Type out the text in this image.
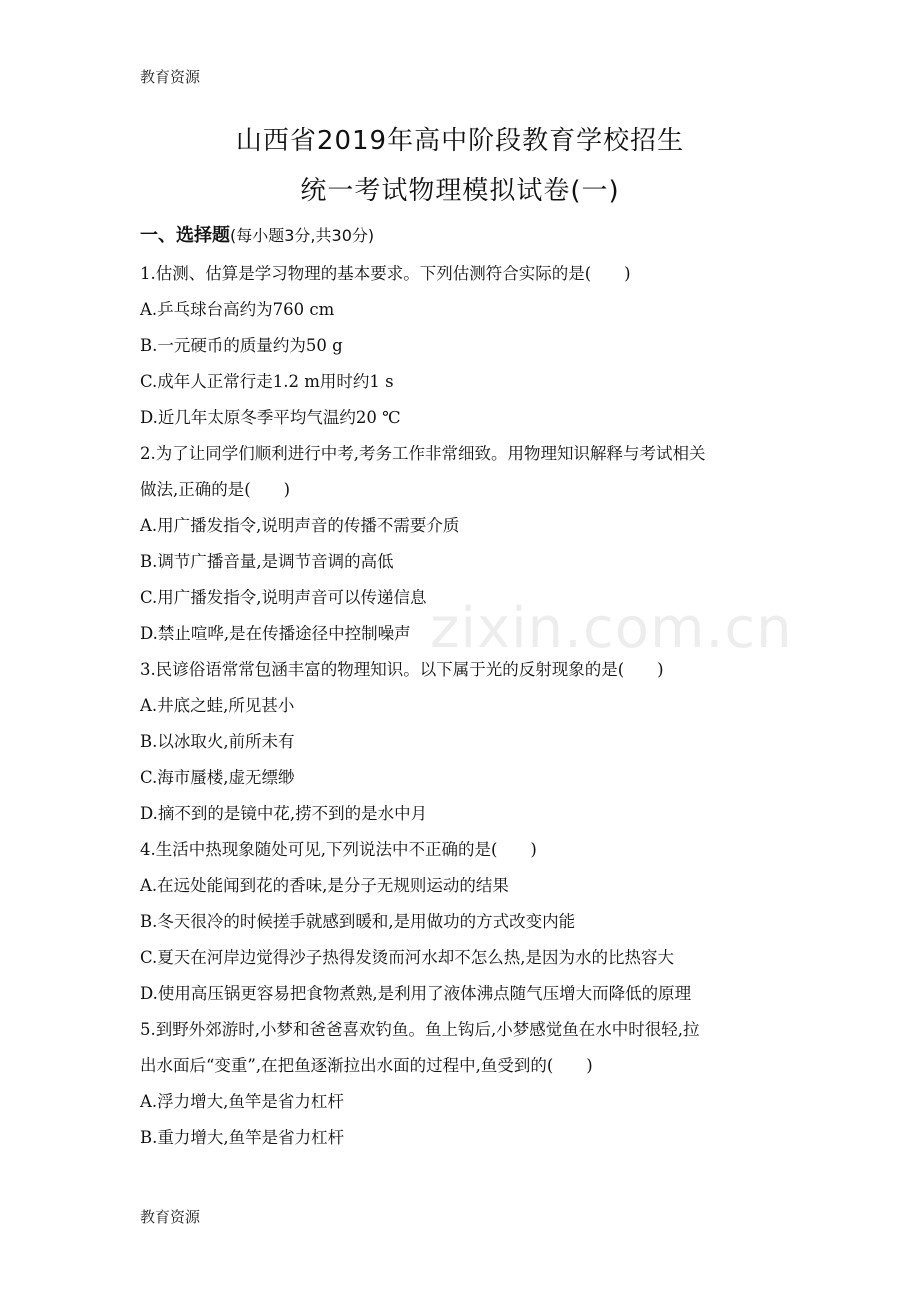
教育资源
山西省2019年高中阶段教育学校招生
统一考试物理模拟试卷(一)
一、选择题(每小题3分,共30分)
1.估测、估算是学习物理的基本要求。下列估测符合实际的是(　　)
A.乒乓球台高约为760 cm
B.一元硬币的质量约为50 g
C.成年人正常行走1.2 m用时约1 s
D.近几年太原冬季平均气温约20 ℃
2.为了让同学们顺利进行中考,考务工作非常细致。用物理知识解释与考试相关
做法,正确的是(　　)
A.用广播发指令,说明声音的传播不需要介质
B.调节广播音量,是调节音调的高低
C.用广播发指令,说明声音可以传递信息
D.禁止喧哗,是在传播途径中控制噪声
3.民谚俗语常常包涵丰富的物理知识。以下属于光的反射现象的是(　　)
A.井底之蛙,所见甚小
B.以冰取火,前所未有
C.海市蜃楼,虚无缥缈
D.摘不到的是镜中花,捞不到的是水中月
4.生活中热现象随处可见,下列说法中不正确的是(　　)
A.在远处能闻到花的香味,是分子无规则运动的结果
B.冬天很冷的时候搓手就感到暖和,是用做功的方式改变内能
C.夏天在河岸边觉得沙子热得发烫而河水却不怎么热,是因为水的比热容大
D.使用高压锅更容易把食物煮熟,是利用了液体沸点随气压增大而降低的原理
5.到野外郊游时,小梦和爸爸喜欢钓鱼。鱼上钩后,小梦感觉鱼在水中时很轻,拉
出水面后“变重”,在把鱼逐渐拉出水面的过程中,鱼受到的(　　)
A.浮力增大,鱼竿是省力杠杆
B.重力增大,鱼竿是省力杠杆
zixin.com.cn
教育资源
